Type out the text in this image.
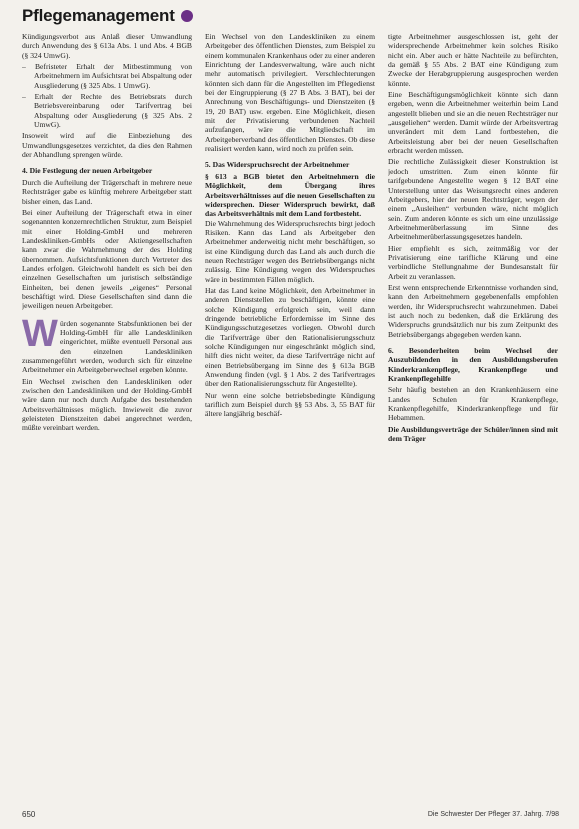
Pflegemanagement

Kündigungsverbot aus Anlaß dieser Umwandlung durch Anwendung des § 613a Abs. 1 und Abs. 4 BGB (§ 324 UmwG).

– Befristeter Erhalt der Mitbestimmung von Arbeitnehmern im Aufsichtsrat bei Abspaltung oder Ausgliederung (§ 325 Abs. 1 UmwG).

– Erhalt der Rechte des Betriebsrats durch Betriebsvereinbarung oder Tarifvertrag bei Abspaltung oder Ausgliederung (§ 325 Abs. 2 UmwG).

Insoweit wird auf die Einbeziehung des Umwandlungsgesetzes verzichtet, da dies den Rahmen der Abhandlung sprengen würde.

4. Die Festlegung der neuen Arbeitgeber

Durch die Aufteilung der Trägerschaft in mehrere neue Rechtsträger gabe es künftig mehrere Arbeitgeber statt bisher einen, das Land.

Bei einer Aufteilung der Trägerschaft etwa in einer sogenannten konzernrechtlichen Struktur, zum Beispiel mit einer Holding-GmbH und mehreren Landeskliniken-GmbHs oder Aktiengesellschaften kann zwar die Wahrnehmung der des Holding übernommen. Aufsichtsfunktionen durch Vertreter des Landes erfolgen. Gleichwohl handelt es sich bei den einzelnen Gesellschaften um juristisch selbständige Einheiten, bei denen jeweils „eigenes“ Personal beschäftigt wird. Diese Gesellschaften sind dann die jeweiligen neuen Arbeitgeber.

W ürden sogenannte Stabsfunktionen bei der Holding-GmbH für alle Landeskliniken eingerichtet, müßte eventuell Personal aus den einzelnen Landeskliniken zusammengeführt werden, wodurch sich für einzelne Arbeitnehmer ein Arbeitgeberwechsel ergeben könnte.

Ein Wechsel zwischen den Landeskliniken oder zwischen den Landeskliniken und der Holding-GmbH wäre dann nur noch durch Aufgabe des bestehenden Arbeitsverhältnisses möglich. Inwieweit die zuvor geleisteten Dienstzeiten dabei angerechnet werden, müßte vereinbart werden.

Ein Wechsel von den Landeskliniken zu einem Arbeitgeber des öffentlichen Dienstes, zum Beispiel zu einem kommunalen Krankenhaus oder zu einer anderen Einrichtung der Landesverwaltung, wäre auch nicht mehr automatisch privilegiert. Verschlechterungen könnten sich dann für die Angestellten im Pflegedienst bei der Eingruppierung (§ 27 B Abs. 3 BAT), bei der Anrechnung von Beschäftigungs- und Dienstzeiten (§ 19, 20 BAT) usw. ergeben. Eine Möglichkeit, diesen mit der Privatisierung verbundenen Nachteil aufzufangen, wäre die Mitgliedschaft im Arbeitgeberverband des öffentlichen Dienstes. Ob diese realisiert werden kann, wird noch zu prüfen sein.

5. Das Widerspruchsrecht der Arbeitnehmer

§ 613 a BGB bietet den Arbeitnehmern die Möglichkeit, dem Übergang ihres Arbeitsverhältnisses auf die neuen Gesellschaften zu widersprechen. Dieser Widerspruch bewirkt, daß das Arbeitsverhältnis mit dem Land fortbesteht.

Die Wahrnehmung des Widerspruchsrechts birgt jedoch Risiken. Kann das Land als Arbeitgeber den Arbeitnehmer anderweitig nicht mehr beschäftigen, so ist eine Kündigung durch das Land als auch durch die neuen Rechtsträger wegen des Betriebsübergangs nicht zulässig. Eine Kündigung wegen des Widerspruches wäre in bestimmten Fällen möglich.

Hat das Land keine Möglichkeit, den Arbeitnehmer in anderen Dienststellen zu beschäftigen, könnte eine solche Kündigung erfolgreich sein, weil dann dringende betriebliche Erfordernisse im Sinne des Kündigungsschutzgesetzes vorliegen. Obwohl durch die Tarifverträge über den Rationalisierungsschutz solche Kündigungen nur eingeschränkt möglich sind, hilft dies nicht weiter, da diese Tarifverträge nicht auf einen Betriebsübergang im Sinne des § 613a BGB Anwendung finden (vgl. § 1 Abs. 2 des Tarifvertrages über den Rationalisierungsschutz für Angestellte).

Nur wenn eine solche betriebsbedingte Kündigung tariflich zum Beispiel durch §§ 53 Abs. 3, 55 BAT für ältere langjährig beschäf-

tigte Arbeitnehmer ausgeschlossen ist, geht der widersprechende Arbeitnehmer kein solches Risiko nicht ein. Aber auch er hätte Nachteile zu befürchten, da gemäß § 55 Abs. 2 BAT eine Kündigung zum Zwecke der Herabgruppierung ausgesprochen werden könnte.

Eine Beschäftigungsmöglichkeit könnte sich dann ergeben, wenn die Arbeitnehmer weiterhin beim Land angestellt blieben und sie an die neuen Rechtsträger nur „ausgeliehen“ werden. Damit würde der Arbeitsvertrag unverändert mit dem Land fortbestehen, die Arbeitsleistung aber bei der neuen Gesellschaften erbracht werden müssen.

Die rechtliche Zulässigkeit dieser Konstruktion ist jedoch umstritten. Zum einen könnte für tarifgebundene Angestellte wegen § 12 BAT eine Unterstellung unter das Weisungsrecht eines anderen Arbeitgebers, hier der neuen Rechtsträger, wegen der einem „Ausleihen“ verbunden wäre, nicht möglich sein. Zum anderen könnte es sich um eine unzulässige Arbeitnehmerüberlassung im Sinne des Arbeitnehmerüberlassungsgesetzes handeln.

Hier empfiehlt es sich, zeitnmäßig vor der Privatisierung eine tarifliche Klärung und eine verbindliche Stellungnahme der Bundesanstalt für Arbeit zu veranlassen.

Erst wenn entsprechende Erkenntnisse vorhanden sind, kann den Arbeitnehmern gegebenenfalls empfohlen werden, ihr Widerspruchsrecht wahrzunehmen. Dabei ist auch noch zu bedenken, daß die Erklärung des Widerspruchs grundsätzlich nur bis zum Zeitpunkt des Betriebsübergangs abgegeben werden kann.

6. Besonderheiten beim Wechsel der Auszubildenden in den Ausbildungsberufen Kinderkrankenpflege, Krankenpflege und Krankenpflegehilfe

Sehr häufig bestehen an den Krankenhäusern eine Landes Schulen für Krankenpflege, Krankenpflegehilfe, Kinderkrankenpflege und für Hebammen.

Die Ausbildungsverträge der Schüler/innen sind mit dem Träger

650	Die Schwester Der Pfleger 37. Jahrg. 7/98
